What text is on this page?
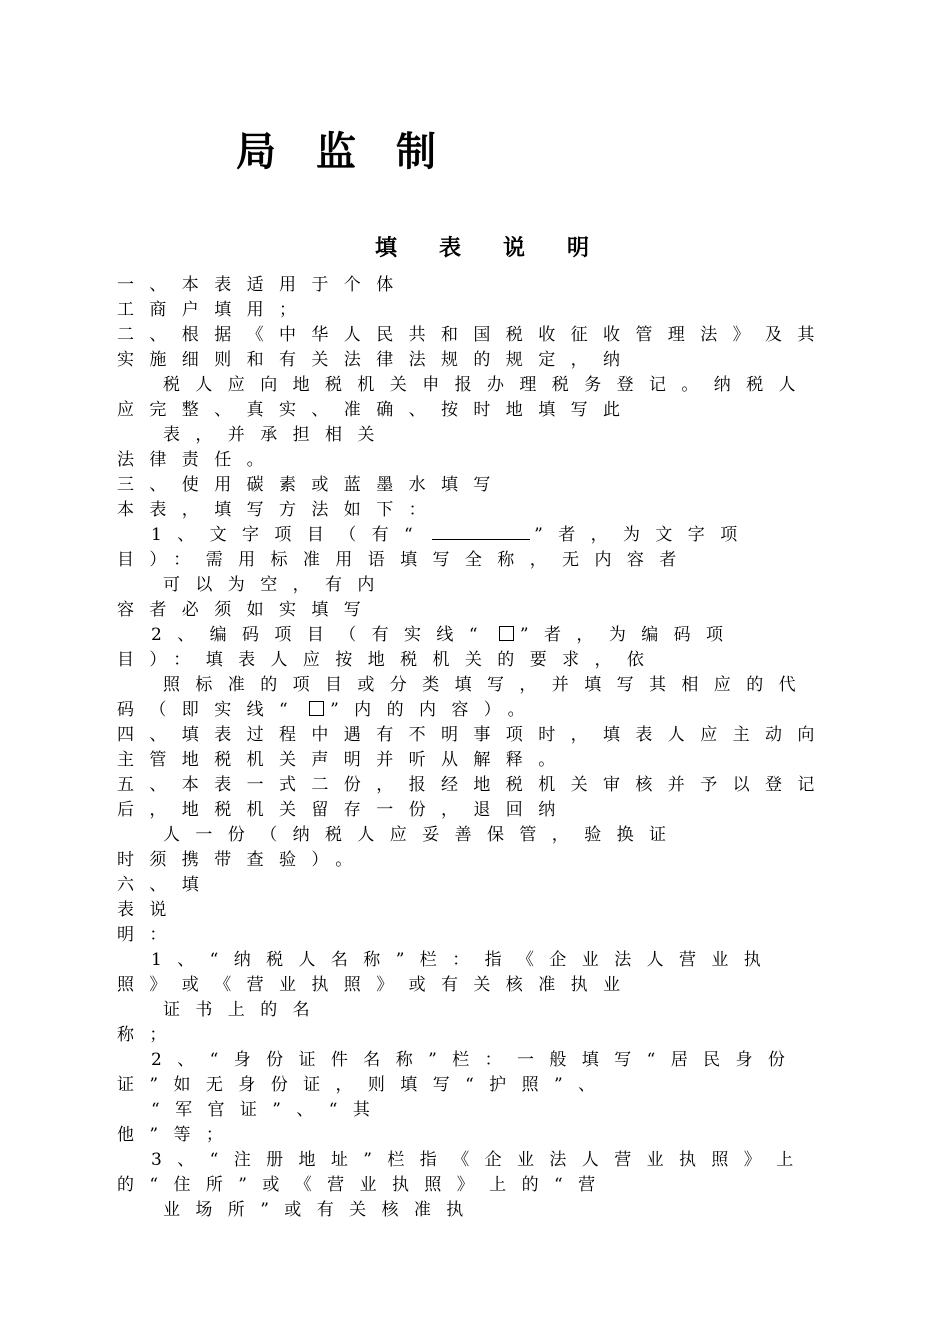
局监制
填表说明
一、本表适用于个体
工商户填用；
二、根据《中华人民共和国税收征收管理法》及其
实施细则和有关法律法规的规定，纳
税人应向地税机关申报办理税务登记。纳税人
应完整、真实、准确、按时地填写此
表，并承担相关
法律责任。
三、使用碳素或蓝墨水填写
本表，填写方法如下：
1、文字项目（有“	”者，为文字项
目）：需用标准用语填写全称，无内容者
可以为空，有内
容者必须如实填写
2、编码项目（有实线“ ”者，为编码项
目）：填表人应按地税机关的要求，依
照标准的项目或分类填写，并填写其相应的代
码（即实线“ ”内的内容）。
四、填表过程中遇有不明事项时，填表人应主动向
主管地税机关声明并听从解释。
五、本表一式二份，报经地税机关审核并予以登记
后，地税机关留存一份，退回纳
人一份（纳税人应妥善保管，验换证
时须携带查验）。
六、填
表说
明：
1、“纳税人名称”栏：指《企业法人营业执
照》或《营业执照》或有关核准执业
证书上的名
称；
2、“身份证件名称”栏：一般填写“居民身份
证”如无身份证，则填写“护照”、
“军官证”、“其
他”等；
3、“注册地址”栏指《企业法人营业执照》上
的“住所”或《营业执照》上的“营
业场所”或有关核准执
